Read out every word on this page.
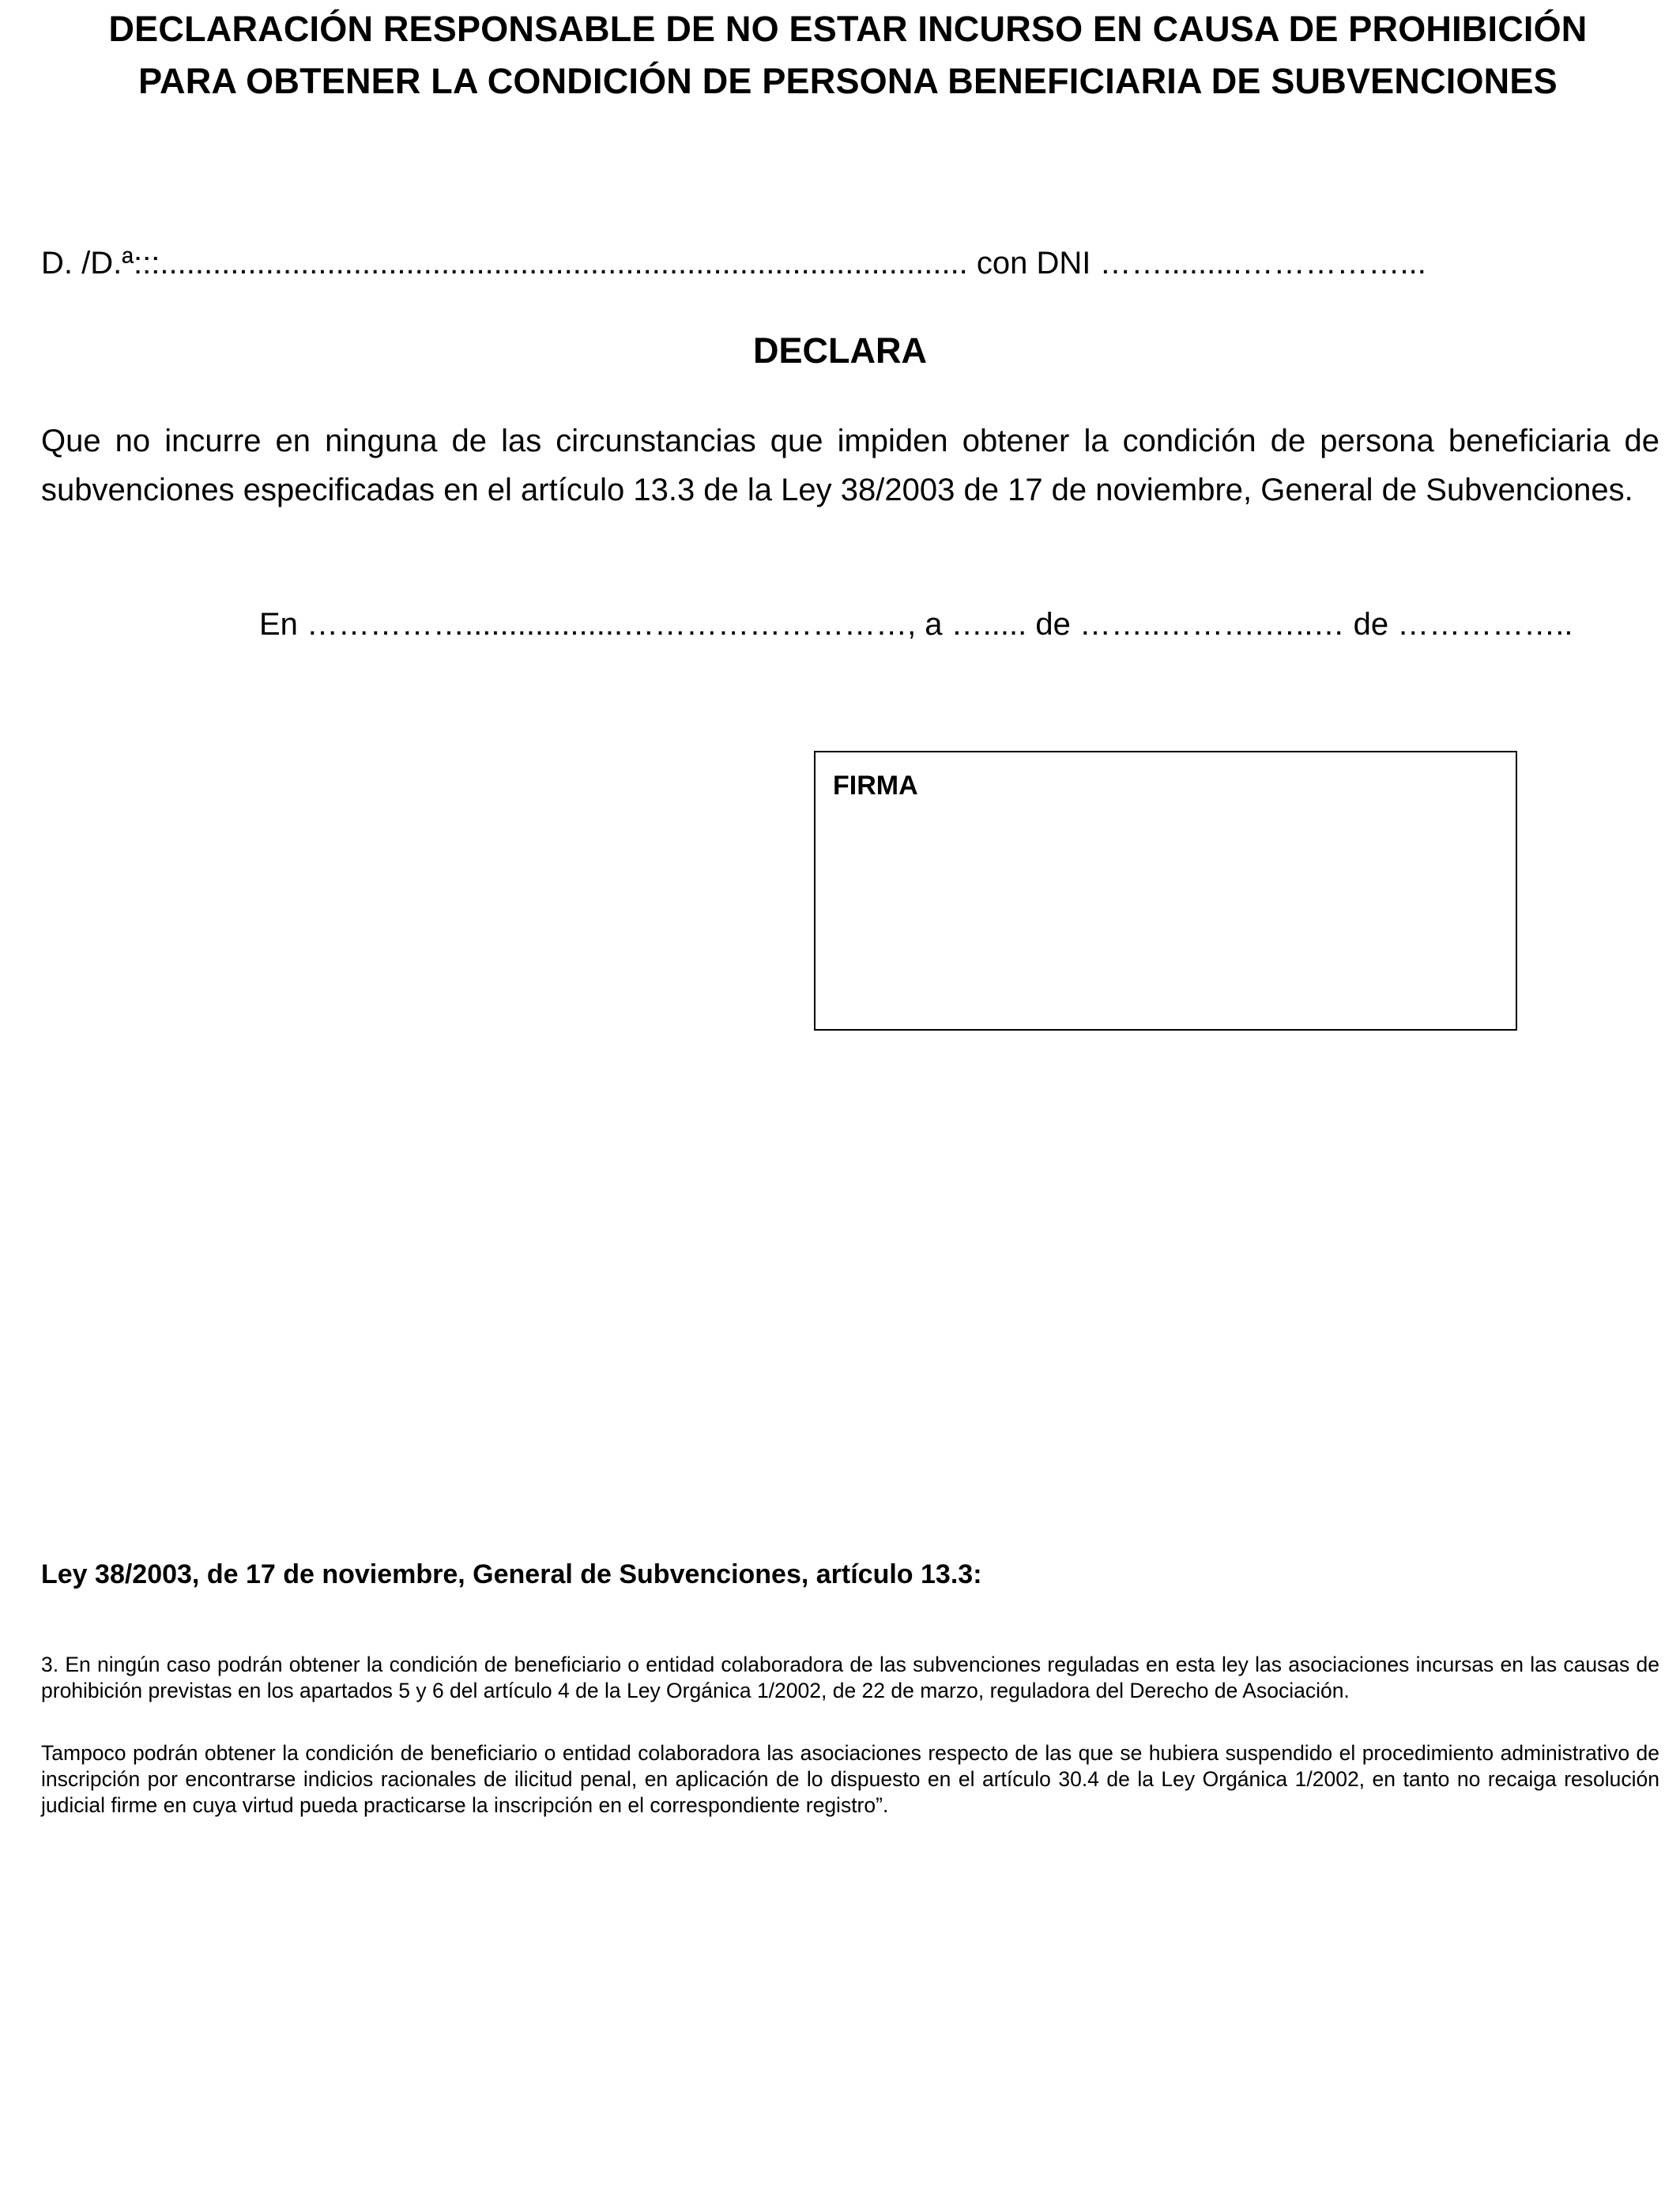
DECLARACIÓN RESPONSABLE DE NO ESTAR INCURSO EN CAUSA DE PROHIBICIÓN
PARA OBTENER LA CONDICIÓN DE PERSONA BENEFICIARIA DE SUBVENCIONES
D. /D.ª:::............................................................................................ con DNI …….........……………...
DECLARA
Que no incurre en ninguna de las circunstancias que impiden obtener la condición de persona beneficiaria de subvenciones especificadas en el artículo 13.3 de la Ley 38/2003 de 17 de noviembre, General de Subvenciones.
En ……………..................………………………, a …..... de ……..……….…..… de ……………..
FIRMA
Ley 38/2003, de 17 de noviembre, General de Subvenciones, artículo 13.3:
3. En ningún caso podrán obtener la condición de beneficiario o entidad colaboradora de las subvenciones reguladas en esta ley las asociaciones incursas en las causas de prohibición previstas en los apartados 5 y 6 del artículo 4 de la Ley Orgánica 1/2002, de 22 de marzo, reguladora del Derecho de Asociación.
Tampoco podrán obtener la condición de beneficiario o entidad colaboradora las asociaciones respecto de las que se hubiera suspendido el procedimiento administrativo de inscripción por encontrarse indicios racionales de ilicitud penal, en aplicación de lo dispuesto en el artículo 30.4 de la Ley Orgánica 1/2002, en tanto no recaiga resolución judicial firme en cuya virtud pueda practicarse la inscripción en el correspondiente registro”.
